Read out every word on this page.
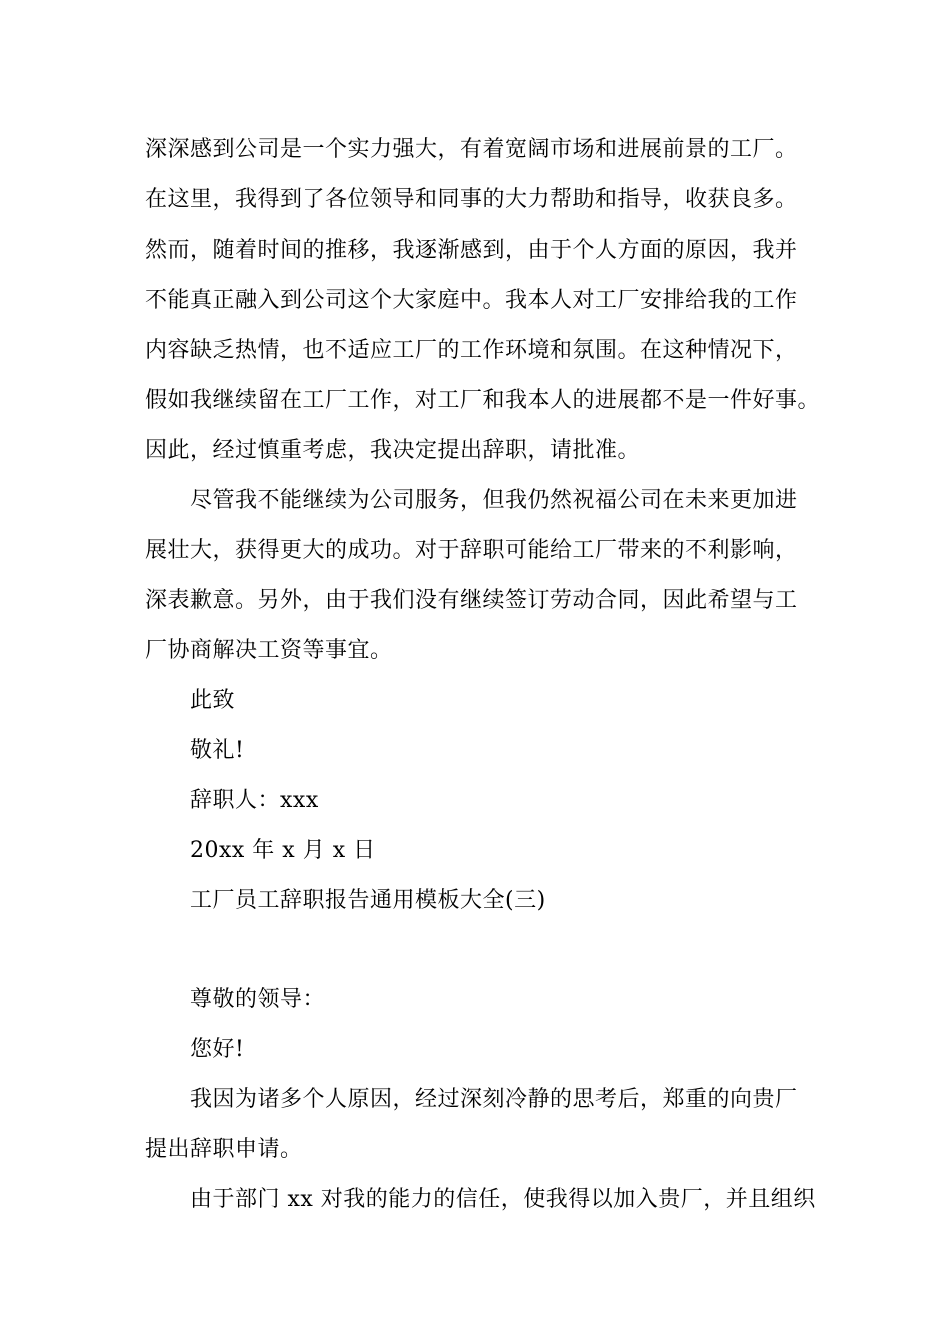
深深感到公司是一个实力强大，有着宽阔市场和进展前景的工厂。
在这里，我得到了各位领导和同事的大力帮助和指导，收获良多。
然而，随着时间的推移，我逐渐感到，由于个人方面的原因，我并
不能真正融入到公司这个大家庭中。我本人对工厂安排给我的工作
内容缺乏热情，也不适应工厂的工作环境和氛围。在这种情况下，
假如我继续留在工厂工作，对工厂和我本人的进展都不是一件好事。
因此，经过慎重考虑，我决定提出辞职，请批准。
尽管我不能继续为公司服务，但我仍然祝福公司在未来更加进
展壮大，获得更大的成功。对于辞职可能给工厂带来的不利影响，
深表歉意。另外，由于我们没有继续签订劳动合同，因此希望与工
厂协商解决工资等事宜。
此致
敬礼!
辞职人：xxx
20xx 年 x 月 x 日
工厂员工辞职报告通用模板大全(三)
尊敬的领导：
您好!
我因为诸多个人原因，经过深刻冷静的思考后，郑重的向贵厂
提出辞职申请。
由于部门 xx 对我的能力的信任，使我得以加入贵厂，并且组织
